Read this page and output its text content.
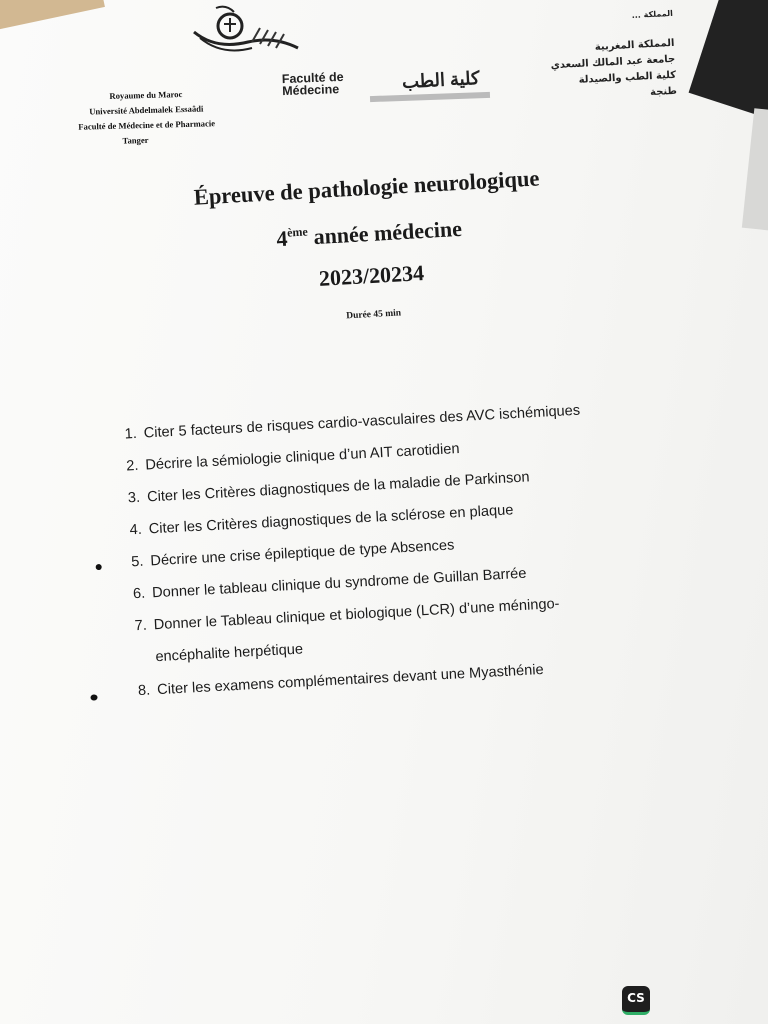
Royaume du Maroc
Université Abdelmalek Essaâdi
Faculté de Médecine et de Pharmacie
Tanger
Faculté de
Médecine	كلية الطب
المملكة ...
المملكة المغربية
جامعة عبد المالك السعدي
كلية الطب والصيدلة
طنجة
Épreuve de pathologie neurologique
4ème année médecine
2023/20234
Durée 45 min
1. Citer 5 facteurs de risques cardio-vasculaires des AVC ischémiques
2. Décrire la sémiologie clinique d’un AIT carotidien
3. Citer les Critères diagnostiques de la maladie de Parkinson
4. Citer les Critères diagnostiques de la sclérose en plaque
5. Décrire une crise épileptique de type Absences
6. Donner le tableau clinique du syndrome de Guillan Barrée
7. Donner le Tableau clinique et biologique (LCR) d’une méningo-
encéphalite herpétique
8. Citer les examens complémentaires devant une Myasthénie
CS
